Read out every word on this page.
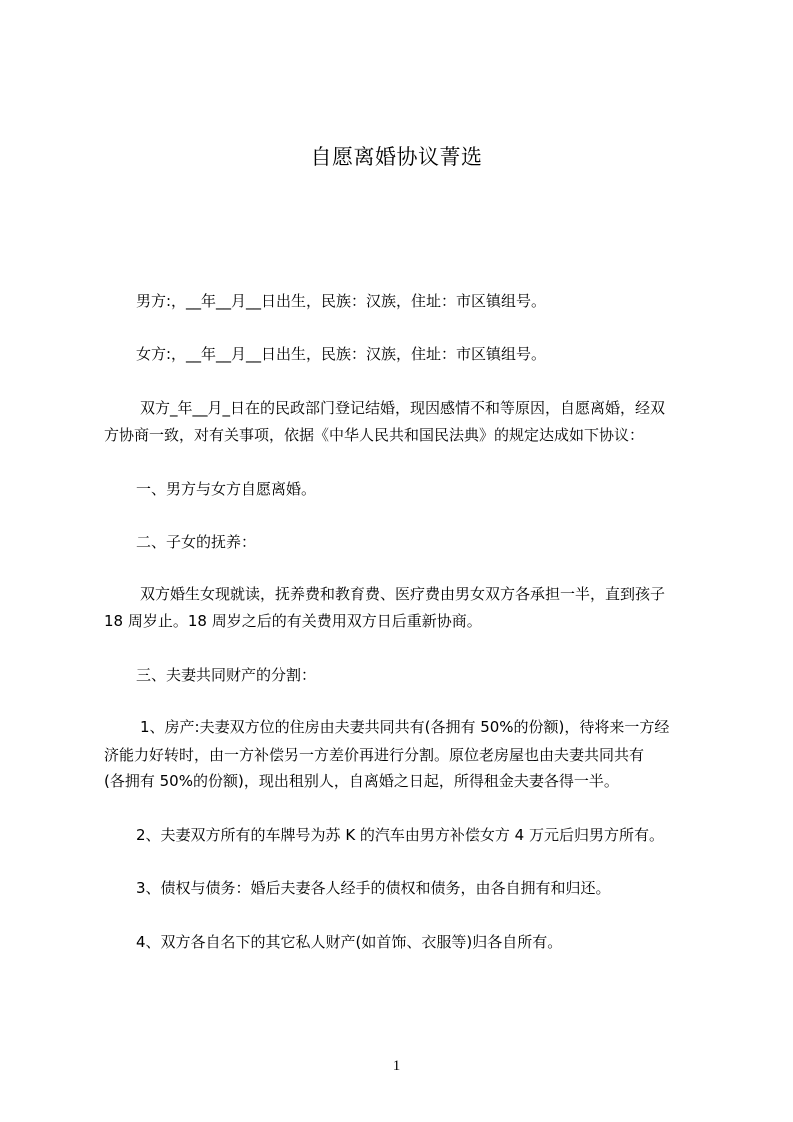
自愿离婚协议菁选
男方:，__年__月__日出生，民族：汉族，住址：市区镇组号。
女方:，__年__月__日出生，民族：汉族，住址：市区镇组号。
双方_年__月_日在的民政部门登记结婚，现因感情不和等原因，自愿离婚，经双
方协商一致，对有关事项，依据《中华人民共和国民法典》的规定达成如下协议：
一、男方与女方自愿离婚。
二、子女的抚养：
双方婚生女现就读，抚养费和教育费、医疗费由男女双方各承担一半，直到孩子
18 周岁止。18 周岁之后的有关费用双方日后重新协商。
三、夫妻共同财产的分割：
1、房产:夫妻双方位的住房由夫妻共同共有(各拥有 50%的份额)，待将来一方经
济能力好转时，由一方补偿另一方差价再进行分割。原位老房屋也由夫妻共同共有
(各拥有 50%的份额)，现出租别人，自离婚之日起，所得租金夫妻各得一半。
2、夫妻双方所有的车牌号为苏 K 的汽车由男方补偿女方 4 万元后归男方所有。
3、债权与债务：婚后夫妻各人经手的债权和债务，由各自拥有和归还。
4、双方各自名下的其它私人财产(如首饰、衣服等)归各自所有。
1
